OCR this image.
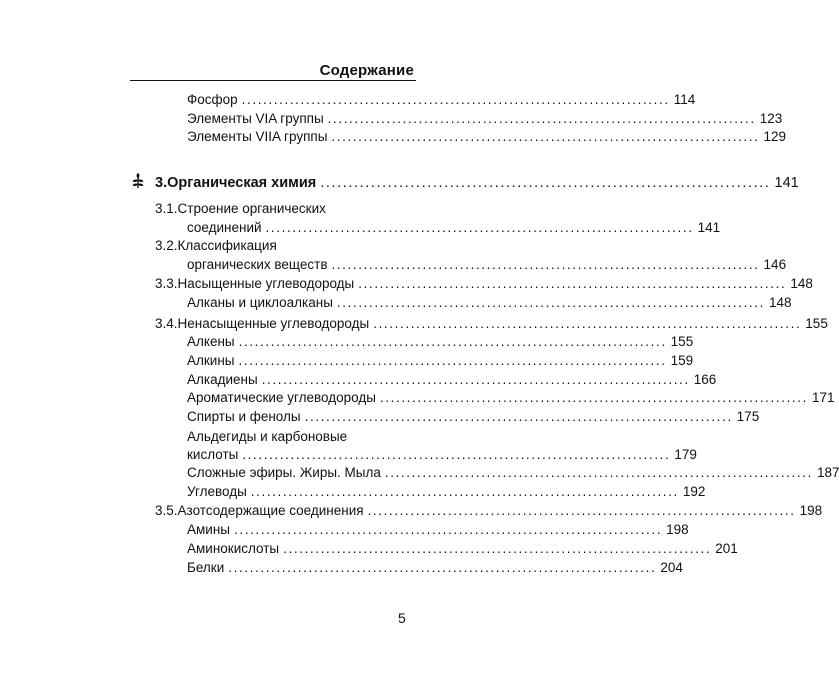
Содержание
Фосфор ................................................................................ 114
Элементы VIA группы ................................................................................ 123
Элементы VIIA группы ................................................................................ 129
3. Органическая химия ................................................................................ 141
3.1. Строение органических
соединений ................................................................................ 141
3.2. Классификация
органических веществ ................................................................................ 146
3.3. Насыщенные углеводороды ................................................................................ 148
Алканы и циклоалканы ................................................................................ 148
3.4. Ненасыщенные углеводороды ................................................................................ 155
Алкены ................................................................................ 155
Алкины ................................................................................ 159
Алкадиены ................................................................................ 166
Ароматические углеводороды ................................................................................ 171
Спирты и фенолы ................................................................................ 175
Альдегиды и карбоновые
кислоты ................................................................................ 179
Сложные эфиры. Жиры. Мыла ................................................................................ 187
Углеводы ................................................................................ 192
3.5. Азотсодержащие соединения ................................................................................ 198
Амины ................................................................................ 198
Аминокислоты ................................................................................ 201
Белки ................................................................................ 204
5
